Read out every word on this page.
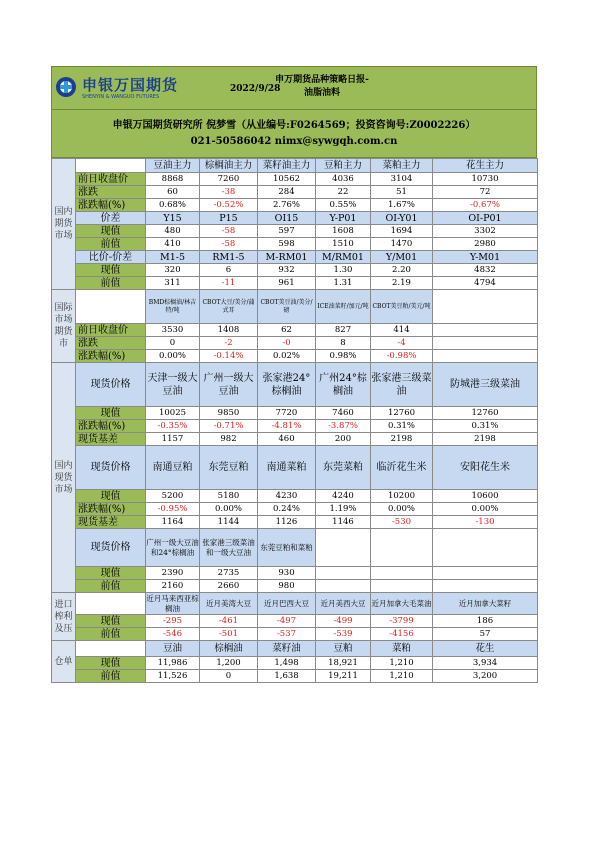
申银万国期货
SHENYIN & WANGUO FUTURES
2022/9/28
申万期货品种策略日报-
油脂油料
申银万国期货研究所 倪梦雪（从业编号:F0264569；投资咨询号:Z0002226）
021-50586042 nimx@sywgqh.com.cn
国内期货市场		豆油主力	棕榈油主力	菜籽油主力	豆粕主力	菜粕主力	花生主力
	前日收盘价	8868	7260	10562	4036	3104	10730
	涨跌	60	-38	284	22	51	72
	涨跌幅(%)	0.68%	-0.52%	2.76%	0.55%	1.67%	-0.67%
	价差	Y15	P15	OI15	Y-P01	OI-Y01	OI-P01
	现值	480	-58	597	1608	1694	3302
	前值	410	-58	598	1510	1470	2980
	比价-价差	M1-5	RM1-5	M-RM01	M/RM01	Y/M01	Y-M01
	现值	320	6	932	1.30	2.20	4832
	前值	311	-11	961	1.31	2.19	4794
国际市场期货市		BMD棕榈油/林吉特/吨	CBOT大豆/美分/蒲式耳	CBOT美豆油/美分/磅	ICE油菜籽/加元/吨	CBOT美豆粕/美元/吨	
	前日收盘价	3530	1408	62	827	414	
	涨跌	0	-2	-0	8	-4	
	涨跌幅(%)	0.00%	-0.14%	0.02%	0.98%	-0.98%	
国内现货市场	现货价格	天津一级大豆油	广州一级大豆油	张家港24°棕榈油	广州24°棕榈油	张家港三级菜油	防城港三级菜油
	现值	10025	9850	7720	7460	12760	12760
	涨跌幅(%)	-0.35%	-0.71%	-4.81%	-3.87%	0.31%	0.31%
	现货基差	1157	982	460	200	2198	2198
	现货价格	南通豆粕	东莞豆粕	南通菜粕	东莞菜粕	临沂花生米	安阳花生米
	现值	5200	5180	4230	4240	10200	10600
	涨跌幅(%)	-0.95%	0.00%	0.24%	1.19%	0.00%	0.00%
	现货基差	1164	1144	1126	1146	-530	-130
	现货价格	广州一级大豆油和24°棕榈油	张家港三级菜油和一级大豆油	东莞豆粕和菜粕			
	现值	2390	2735	930			
	前值	2160	2660	980			
进口榨利及压		近月马来西亚棕榈油	近月美湾大豆	近月巴西大豆	近月美西大豆	近月加拿大毛菜油	近月加拿大菜籽
	现值	-295	-461	-497	-499	-3799	186
	前值	-546	-501	-537	-539	-4156	57
仓单		豆油	棕榈油	菜籽油	豆粕	菜粕	花生
	现值	11,986	1,200	1,498	18,921	1,210	3,934
	前值	11,526	0	1,638	19,211	1,210	3,200
